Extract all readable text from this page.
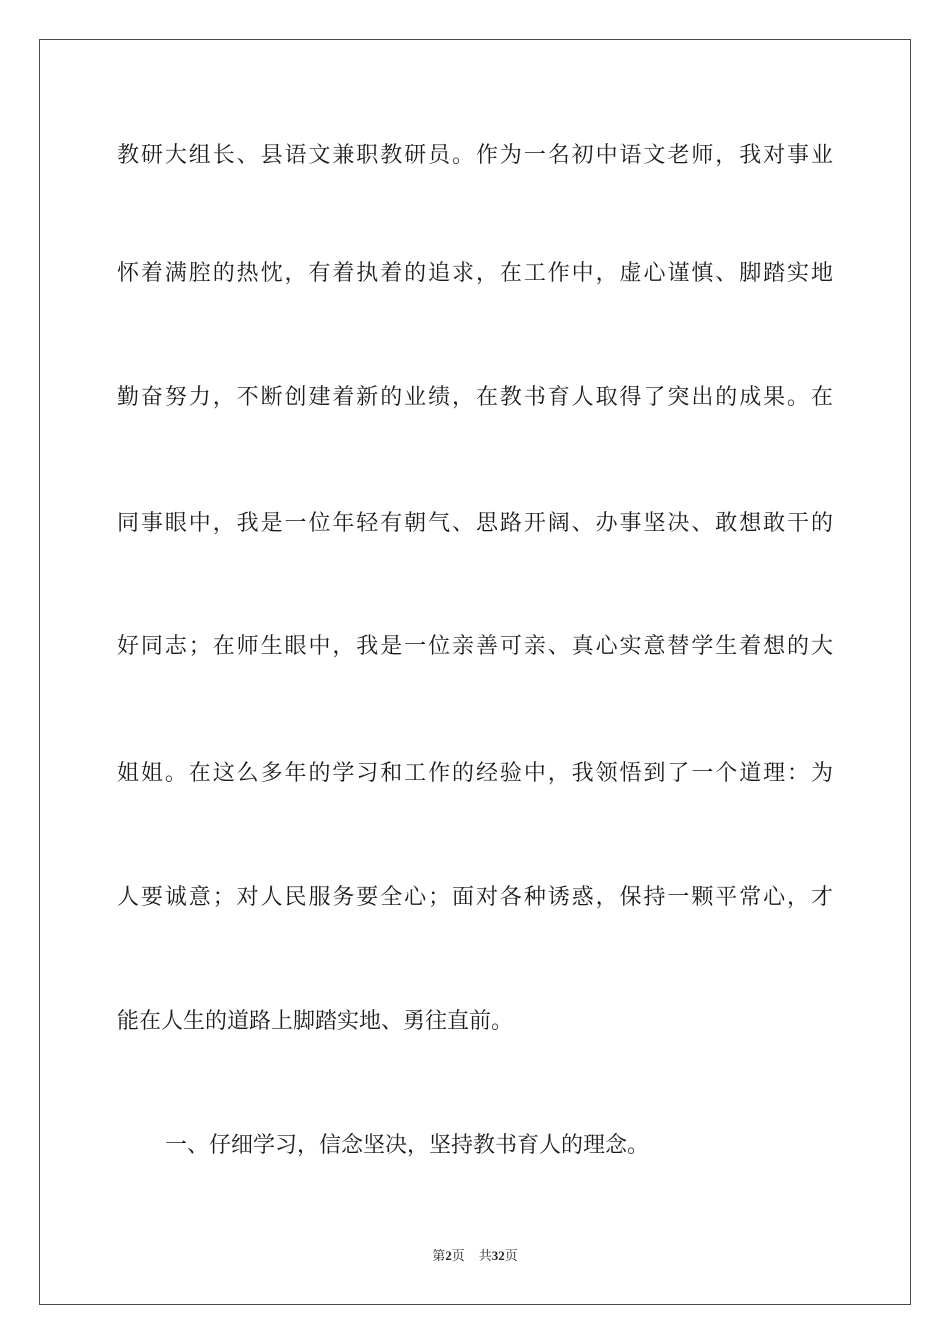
教研大组长、县语文兼职教研员。作为一名初中语文老师，我对事业
怀着满腔的热忱，有着执着的追求，在工作中，虚心谨慎、脚踏实地
勤奋努力，不断创建着新的业绩，在教书育人取得了突出的成果。在
同事眼中，我是一位年轻有朝气、思路开阔、办事坚决、敢想敢干的
好同志；在师生眼中，我是一位亲善可亲、真心实意替学生着想的大
姐姐。在这么多年的学习和工作的经验中，我领悟到了一个道理：为
人要诚意；对人民服务要全心；面对各种诱惑，保持一颗平常心，才
能在人生的道路上脚踏实地、勇往直前。
一、仔细学习，信念坚决，坚持教书育人的理念。
第2页 共32页
